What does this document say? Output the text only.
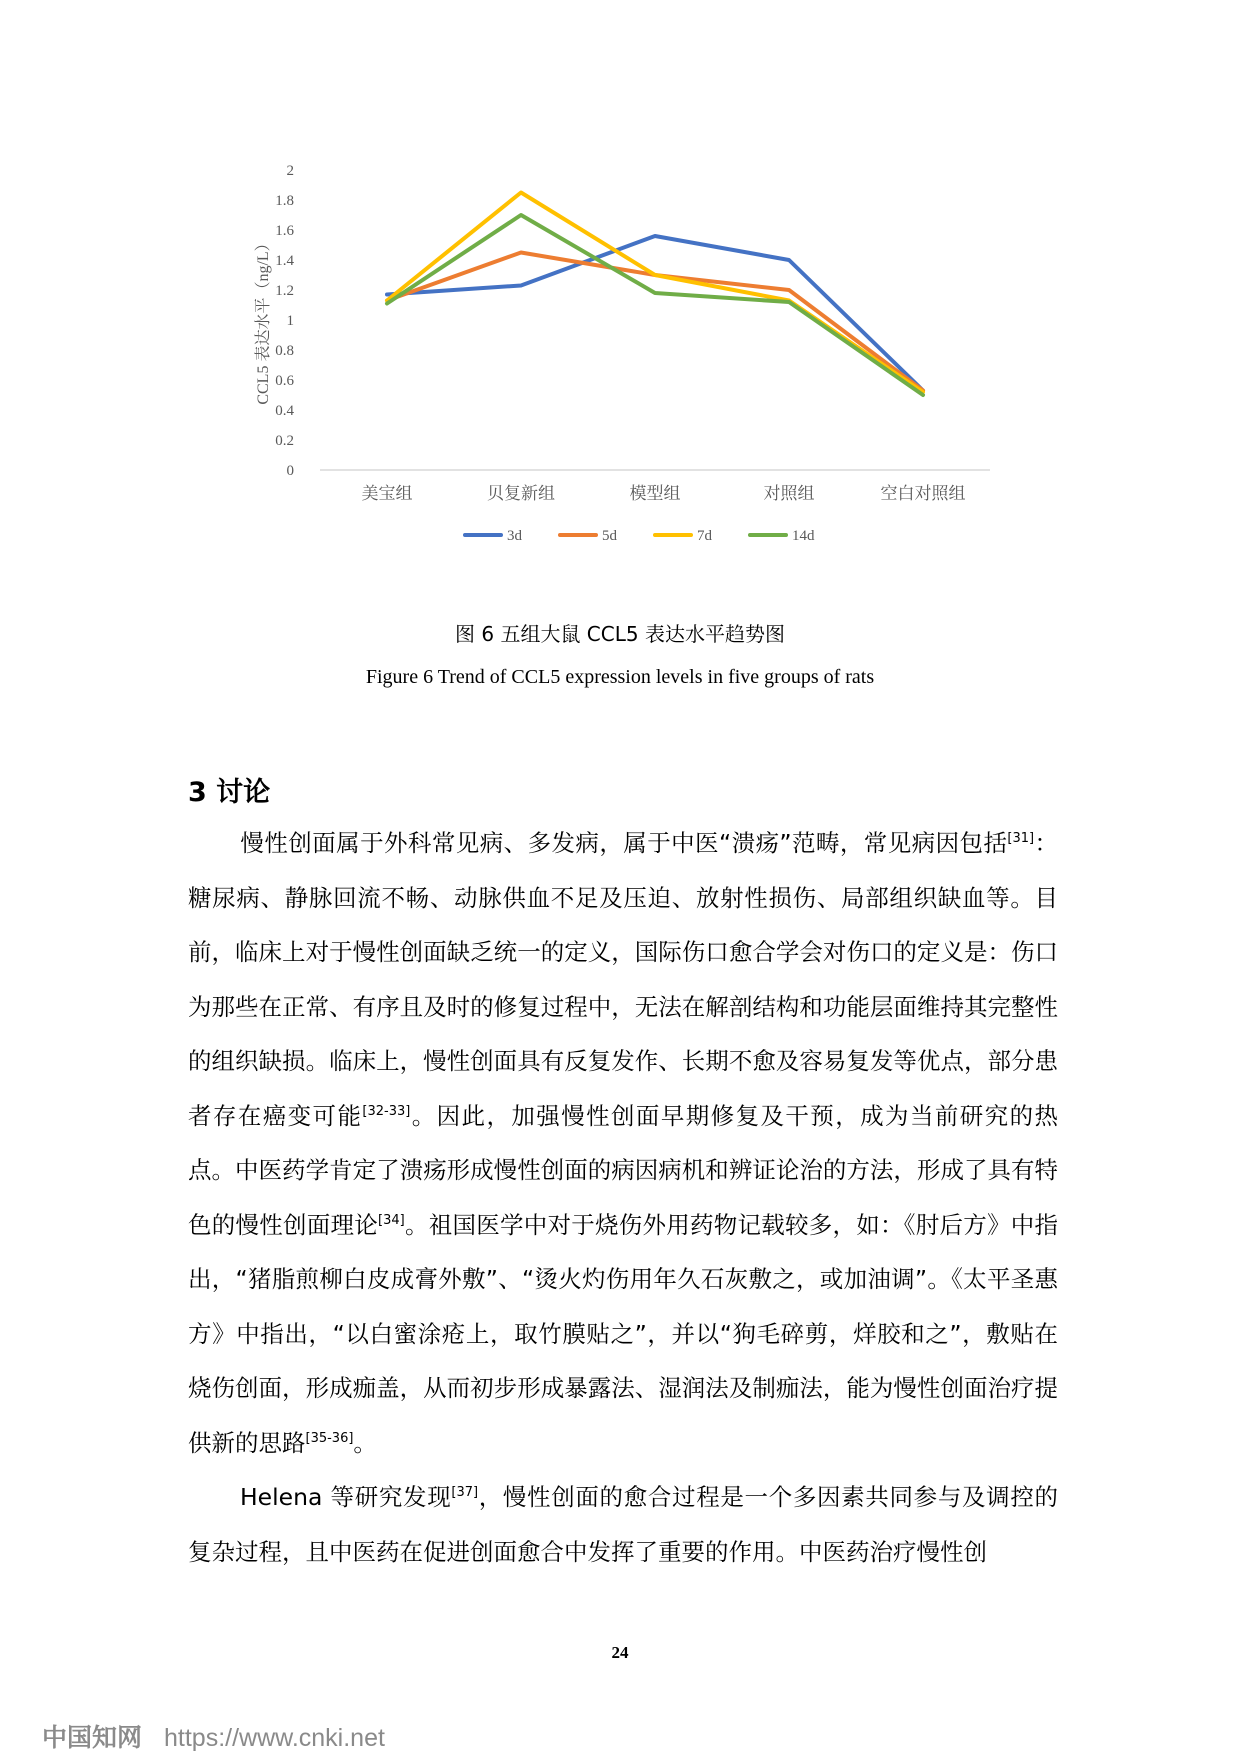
0
0.2
0.4
0.6
0.8
1
1.2
1.4
1.6
1.8
2
美宝组	贝复新组	模型组	对照组	空白对照组
CCL5 表达水平（ng/L）
3d	5d	7d	14d
图 6 五组大鼠 CCL5 表达水平趋势图
Figure 6 Trend of CCL5 expression levels in five groups of rats
3 讨论
慢性创面属于外科常见病、多发病，属于中医“溃疡”范畴，常见病因包括[31]：糖尿病、静脉回流不畅、动脉供血不足及压迫、放射性损伤、局部组织缺血等。目前，临床上对于慢性创面缺乏统一的定义，国际伤口愈合学会对伤口的定义是：伤口为那些在正常、有序且及时的修复过程中，无法在解剖结构和功能层面维持其完整性的组织缺损。临床上，慢性创面具有反复发作、长期不愈及容易复发等优点，部分患者存在癌变可能[32-33]。因此，加强慢性创面早期修复及干预，成为当前研究的热点。中医药学肯定了溃疡形成慢性创面的病因病机和辨证论治的方法，形成了具有特色的慢性创面理论[34]。祖国医学中对于烧伤外用药物记载较多，如：《肘后方》中指出，“猪脂煎柳白皮成膏外敷”、“烫火灼伤用年久石灰敷之，或加油调”。《太平圣惠方》中指出，“以白蜜涂疮上，取竹膜贴之”，并以“狗毛碎剪，烊胶和之”，敷贴在烧伤创面，形成痂盖，从而初步形成暴露法、湿润法及制痂法，能为慢性创面治疗提供新的思路[35-36]。
Helena 等研究发现[37]，慢性创面的愈合过程是一个多因素共同参与及调控的复杂过程，且中医药在促进创面愈合中发挥了重要的作用。中医药治疗慢性创
24
中国知网 https://www.cnki.net
